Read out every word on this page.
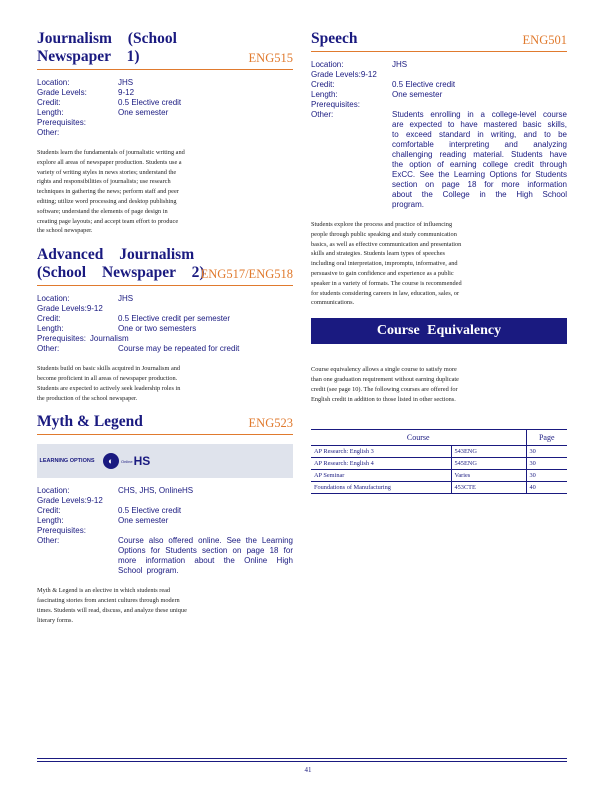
Journalism (School Newspaper 1)	ENG515
Location:	JHS
Grade Levels:	9-12
Credit:	0.5 Elective credit
Length:	One semester
Prerequisites:
Other:

Students learn the fundamentals of journalistic writing and explore all areas of newspaper production. Students use a variety of writing styles in news stories; understand the rights and responsibilities of journalists; use research techniques in gathering the news; perform staff and peer editing; utilize word processing and desktop publishing software; understand the elements of page design in creating page layouts; and accept team effort to produce the school newspaper.

Advanced Journalism (School Newspaper 2)
ENG517/ENG518
Location:	JHS
Grade Levels: 9-12
Credit:	0.5 Elective credit per semester
Length:	One or two semesters
Prerequisites: Journalism
Other:	Course may be repeated for credit

Students build on basic skills acquired in Journalism and become proficient in all areas of newspaper production. Students are expected to actively seek leadership roles in the production of the school newspaper.

Myth & Legend	ENG523
LEARNING OPTIONS	◐	Online HS
Location:	CHS, JHS, OnlineHS
Grade Levels: 9-12
Credit:	0.5 Elective credit
Length:	One semester
Prerequisites:
Other:	Course also offered online. See the Learning Options for Students section on page 18 for more information about the Online High School program.

Myth & Legend is an elective in which students read fascinating stories from ancient cultures through modern times. Students will read, discuss, and analyze these unique literary forms.

Speech	ENG501
Location:	JHS
Grade Levels: 9-12
Credit:	0.5 Elective credit
Length:	One semester
Prerequisites:
Other:	Students enrolling in a college-level course are expected to have mastered basic skills, to exceed standard in writing, and to be comfortable interpreting and analyzing challenging reading material. Students have the option of earning college credit through ExCC. See the Learning Options for Students section on page 18 for more information about the College in the High School program.

Students explore the process and practice of influencing people through public speaking and study communication basics, as well as effective communication and presentation skills and strategies. Students learn types of speeches including oral interpretation, impromptu, informative, and persuasive to gain confidence and experience as a public speaker in a variety of formats. The course is recommended for students considering careers in law, education, sales, or communications.

Course Equivalency

Course equivalency allows a single course to satisfy more than one graduation requirement without earning duplicate credit (see page 10). The following courses are offered for English credit in addition to those listed in other sections.

Course		Page
AP Research: English 3	543ENG	30
AP Research: English 4	545ENG	30
AP Seminar	Varies	30
Foundations of Manufacturing	453CTE	40
41
